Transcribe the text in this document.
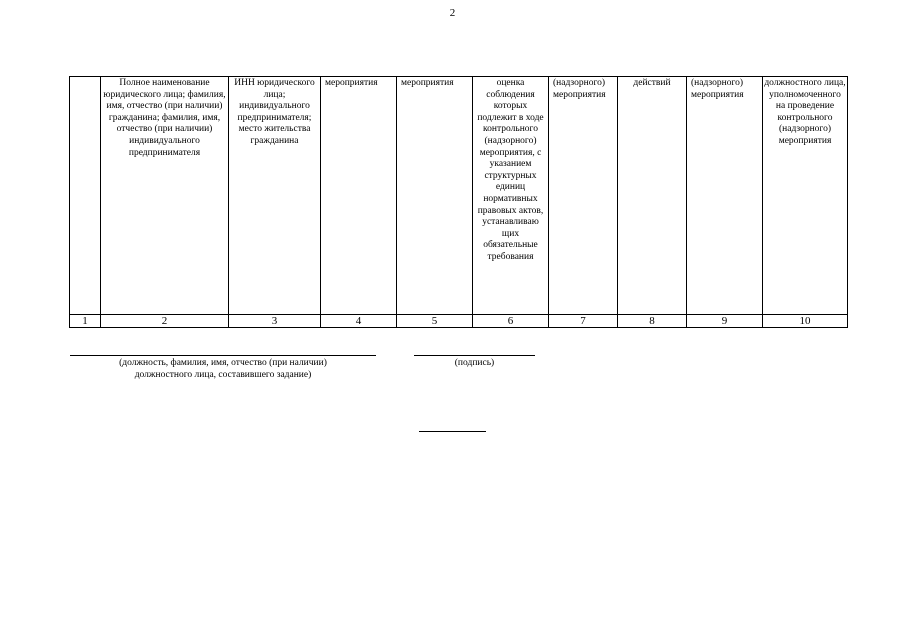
2
	Полное наименование юридического лица; фамилия, имя, отчество (при наличии) гражданина; фамилия, имя, отчество (при наличии) индивидуального предпринимателя	ИНН юридического лица; индивидуального предпринимателя; место жительства гражданина	мероприятия	мероприятия	оценка соблюдения которых подлежит в ходе контрольного (надзорного) мероприятия, с указанием структурных единиц нормативных правовых актов, устанавливаю щих обязательные требования	(надзорного) мероприятия	действий	(надзорного) мероприятия	должностного лица, уполномоченного на проведение контрольного (надзорного) мероприятия
1	2	3	4	5	6	7	8	9	10
(должность, фамилия, имя, отчество (при наличии)
должностного лица, составившего задание)
(подпись)
